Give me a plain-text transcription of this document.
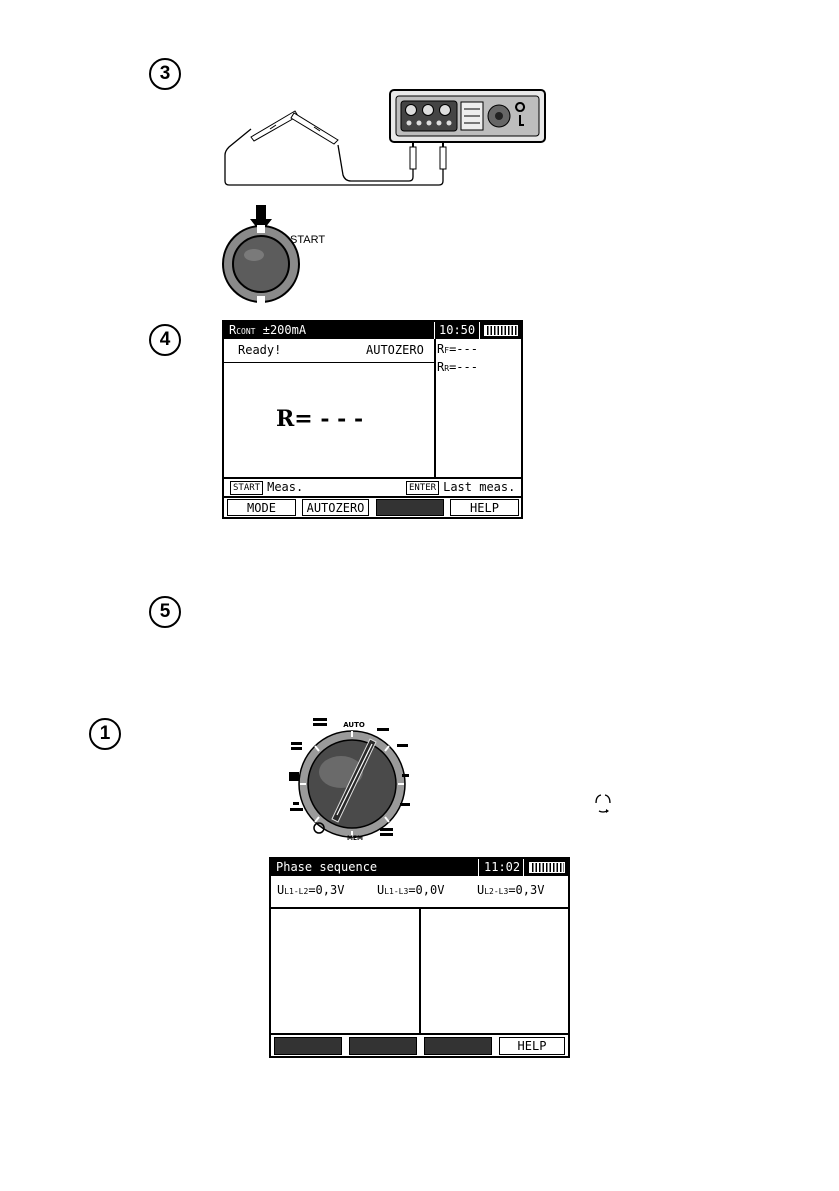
3
START
4	RCONT ±200mA	10:50
Ready!	AUTOZERO RF=---
RR=---
R= - - -
START Meas.	ENTER Last meas.
MODE	AUTOZERO	HELP
5
1	AUTO
MEM
Phase sequence	11:02
UL1-L2=0,3V	UL1-L3=0,0V	UL2-L3=0,3V
HELP
